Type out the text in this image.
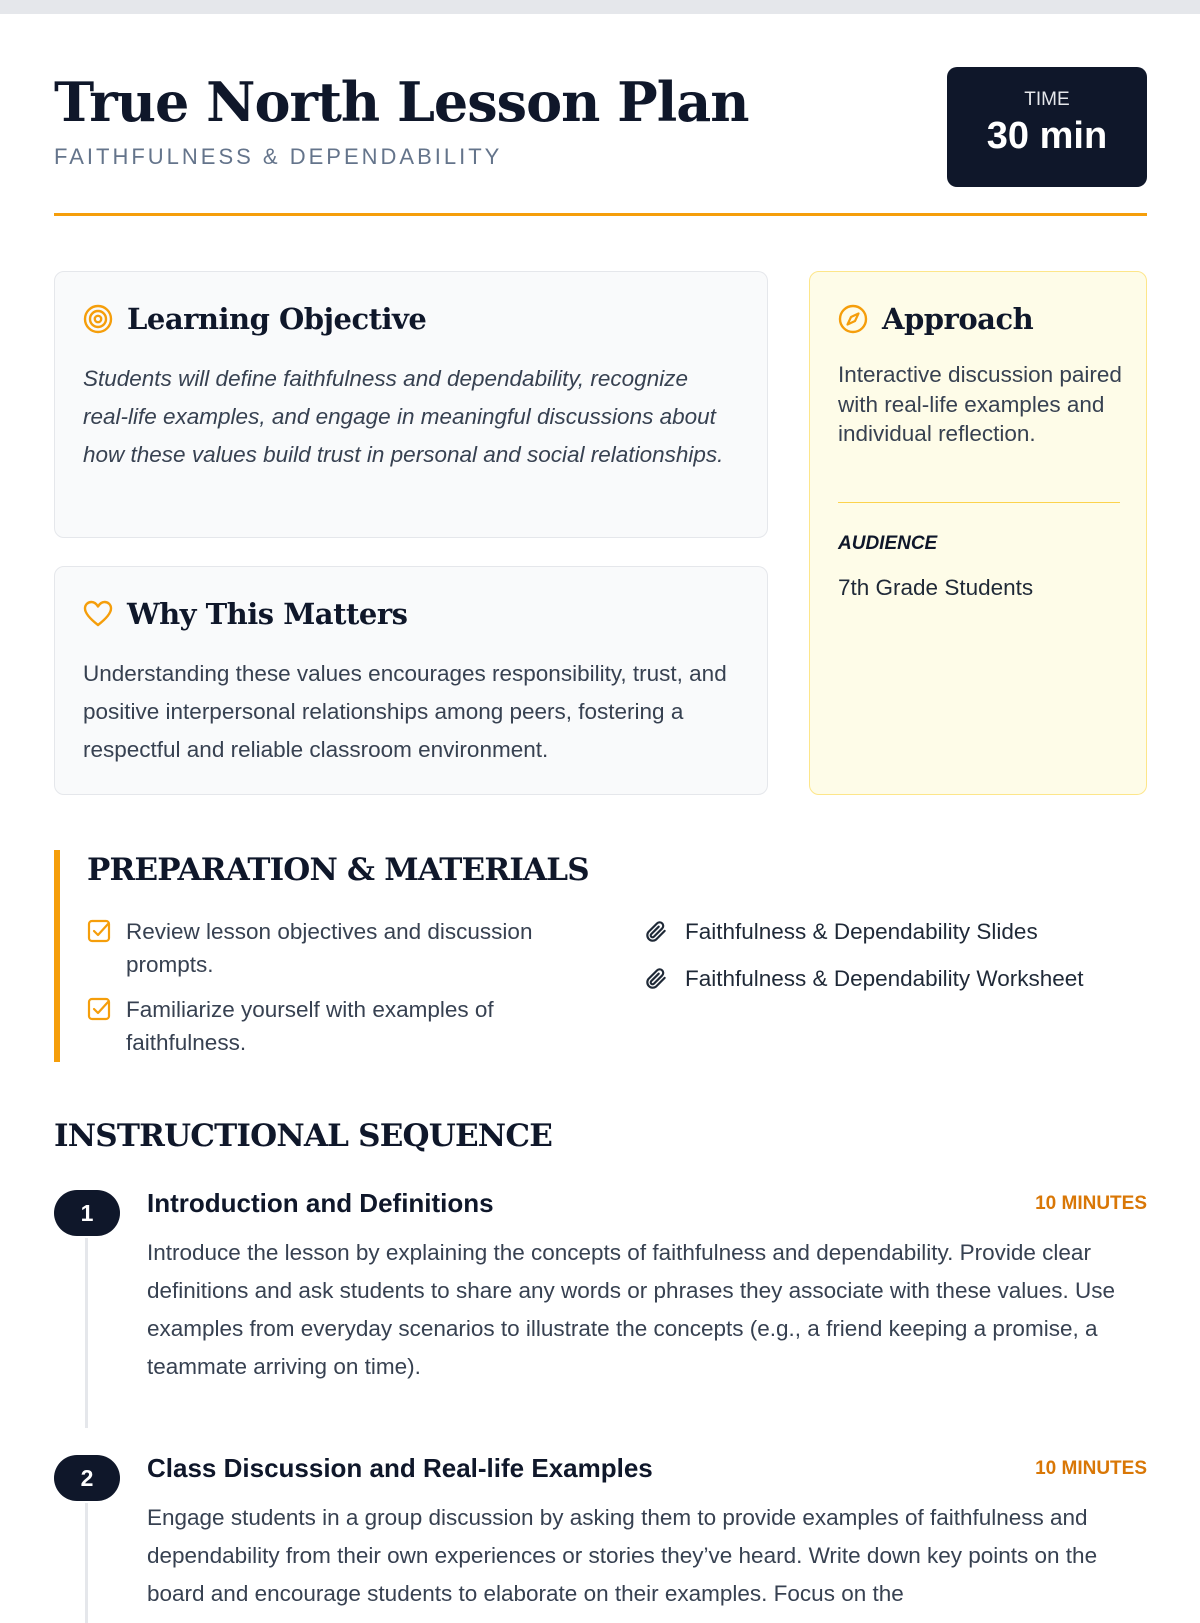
True North Lesson Plan
FAITHFULNESS & DEPENDABILITY
TIME
30 min
Learning Objective

Students will define faithfulness and dependability, recognize real-life examples, and engage in meaningful discussions about how these values build trust in personal and social relationships.

Why This Matters

Understanding these values encourages responsibility, trust, and positive interpersonal relationships among peers, fostering a respectful and reliable classroom environment.

Approach

Interactive discussion paired with real-life examples and individual reflection.

AUDIENCE
7th Grade Students
PREPARATION & MATERIALS
Review lesson objectives and discussion prompts.
Familiarize yourself with examples of faithfulness.
Faithfulness & Dependability Slides
Faithfulness & Dependability Worksheet
INSTRUCTIONAL SEQUENCE
1	Introduction and Definitions	10 MINUTES

Introduce the lesson by explaining the concepts of faithfulness and dependability. Provide clear definitions and ask students to share any words or phrases they associate with these values. Use examples from everyday scenarios to illustrate the concepts (e.g., a friend keeping a promise, a teammate arriving on time).

2	Class Discussion and Real-life Examples	10 MINUTES

Engage students in a group discussion by asking them to provide examples of faithfulness and dependability from their own experiences or stories they’ve heard. Write down key points on the board and encourage students to elaborate on their examples. Focus on the
